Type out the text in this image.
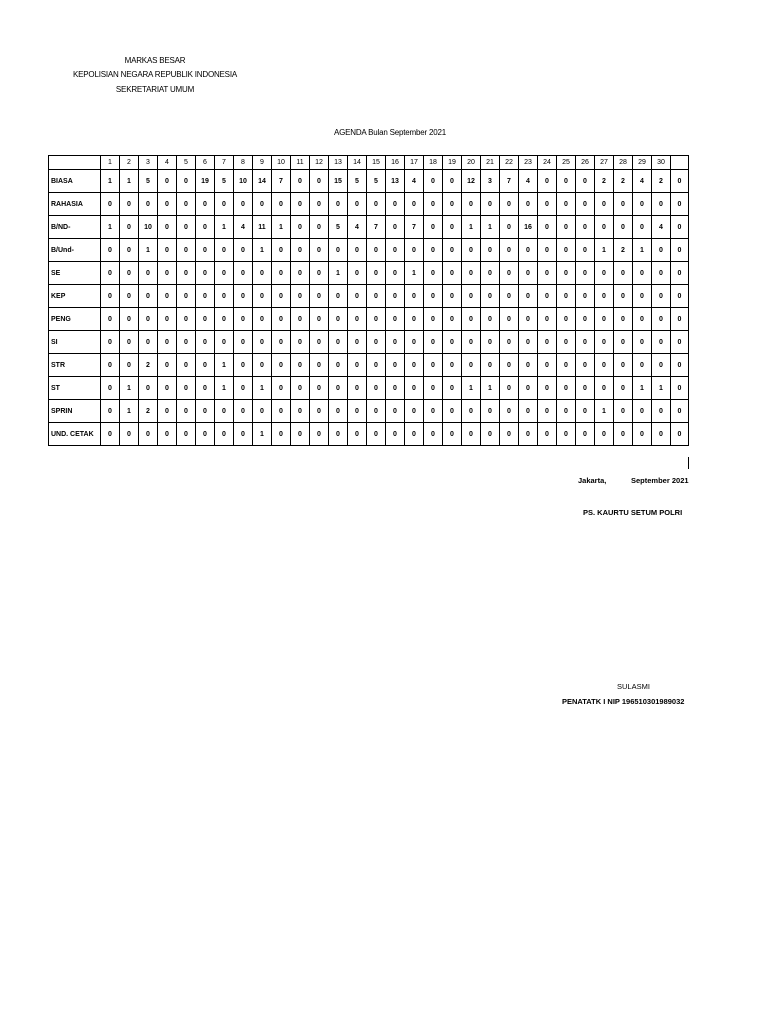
MARKAS BESAR
KEPOLISIAN NEGARA REPUBLIK INDONESIA
SEKRETARIAT UMUM
AGENDA Bulan September 2021
	1	2	3	4	5	6	7	8	9	10	11	12	13	14	15	16	17	18	19	20	21	22	23	24	25	26	27	28	29	30	
BIASA	1	1	5	0	0	19	5	10	14	7	0	0	15	5	5	13	4	0	0	12	3	7	4	0	0	0	2	2	4	2	0
RAHASIA	0	0	0	0	0	0	0	0	0	0	0	0	0	0	0	0	0	0	0	0	0	0	0	0	0	0	0	0	0	0	0
B/ND-	1	0	10	0	0	0	1	4	11	1	0	0	5	4	7	0	7	0	0	1	1	0	16	0	0	0	0	0	0	4	0
B/Und-	0	0	1	0	0	0	0	0	1	0	0	0	0	0	0	0	0	0	0	0	0	0	0	0	0	0	1	2	1	0	0
SE	0	0	0	0	0	0	0	0	0	0	0	0	1	0	0	0	1	0	0	0	0	0	0	0	0	0	0	0	0	0	0
KEP	0	0	0	0	0	0	0	0	0	0	0	0	0	0	0	0	0	0	0	0	0	0	0	0	0	0	0	0	0	0	0
PENG	0	0	0	0	0	0	0	0	0	0	0	0	0	0	0	0	0	0	0	0	0	0	0	0	0	0	0	0	0	0	0
SI	0	0	0	0	0	0	0	0	0	0	0	0	0	0	0	0	0	0	0	0	0	0	0	0	0	0	0	0	0	0	0
STR	0	0	2	0	0	0	1	0	0	0	0	0	0	0	0	0	0	0	0	0	0	0	0	0	0	0	0	0	0	0	0
ST	0	1	0	0	0	0	1	0	1	0	0	0	0	0	0	0	0	0	0	1	1	0	0	0	0	0	0	0	1	1	0
SPRIN	0	1	2	0	0	0	0	0	0	0	0	0	0	0	0	0	0	0	0	0	0	0	0	0	0	0	1	0	0	0	0
UND. CETAK	0	0	0	0	0	0	0	0	1	0	0	0	0	0	0	0	0	0	0	0	0	0	0	0	0	0	0	0	0	0	0
Jakarta,	September 2021
PS. KAURTU SETUM POLRI
SULASMI
PENATATK I NIP 196510301989032
